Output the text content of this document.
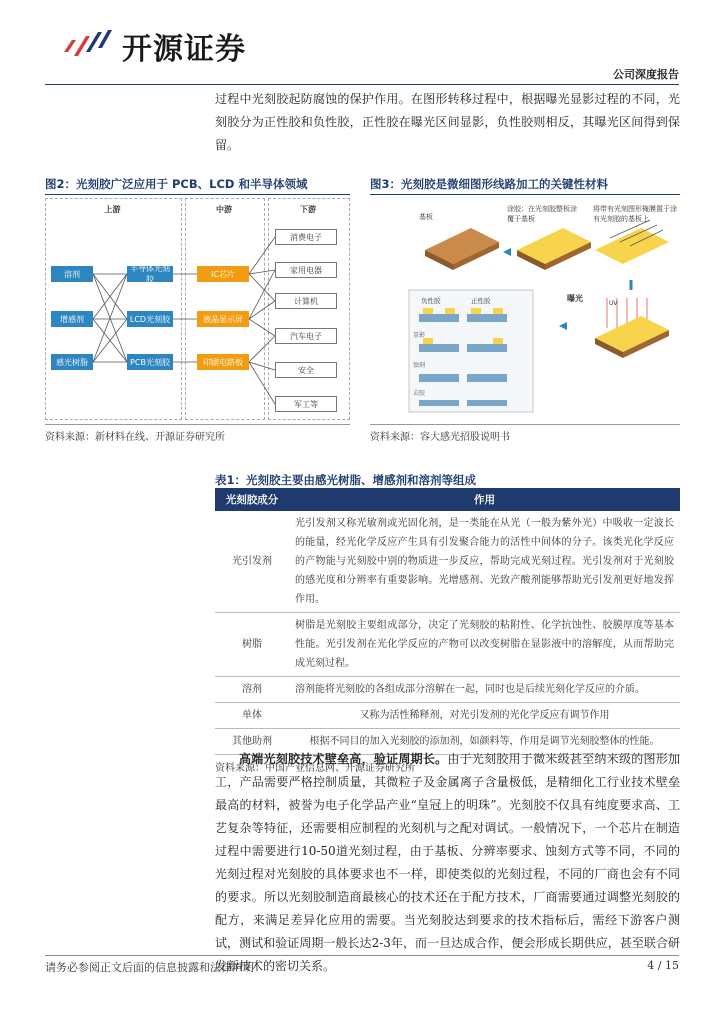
开源证券
公司深度报告
过程中光刻胶起防腐蚀的保护作用。在图形转移过程中，根据曝光显影过程的不同，光刻胶分为正性胶和负性胶，正性胶在曝光区间显影，负性胶则相反，其曝光区间得到保留。
图2：光刻胶广泛应用于 PCB、LCD 和半导体领域	图3：光刻胶是微细图形线路加工的关键性材料
上游	中游	下游
溶剂
增感剂
感光树脂
半导体光刻胶
LCD光刻胶
PCB光刻胶
IC芯片
液晶显示屏
印刷电路板
消费电子
家用电器
计算机
汽车电子
安全
军工等
资料来源：新材料在线、开源证券研究所
基板
涂胶：在光刻胶整板涂覆于基板
将带有光刻图形掩膜置于涂有光刻胶的基板上
曝光
UV
负性胶	正性胶
显影
蚀刻
去胶
资料来源：容大感光招股说明书
表1：光刻胶主要由感光树脂、增感剂和溶剂等组成
光刻胶成分	作用
光引发剂	光引发剂又称光敏剂或光固化剂，是一类能在从光（一般为紫外光）中吸收一定波长的能量，经光化学反应产生具有引发聚合能力的活性中间体的分子。该类光化学反应的产物能与光刻胶中别的物质进一步反应，帮助完成光刻过程。光引发剂对于光刻胶的感光度和分辨率有重要影响。光增感剂、光致产酸剂能够帮助光引发剂更好地发挥作用。
树脂	树脂是光刻胶主要组成部分，决定了光刻胶的粘附性、化学抗蚀性、胶膜厚度等基本性能。光引发剂在光化学反应的产物可以改变树脂在显影液中的溶解度，从而帮助完成光刻过程。
溶剂	溶剂能将光刻胶的各组成部分溶解在一起，同时也是后续光刻化学反应的介质。
单体	又称为活性稀释剂，对光引发剂的光化学反应有调节作用
其他助剂	根据不同目的加入光刻胶的添加剂，如颜料等，作用是调节光刻胶整体的性能。
资料来源：中国产业信息网、开源证券研究所
高端光刻胶技术壁垒高，验证周期长。由于光刻胶用于微米级甚至纳米级的图形加工，产品需要严格控制质量，其微粒子及金属离子含量极低，是精细化工行业技术壁垒最高的材料，被誉为电子化学品产业“皇冠上的明珠”。光刻胶不仅具有纯度要求高、工艺复杂等特征，还需要相应制程的光刻机与之配对调试。一般情况下，一个芯片在制造过程中需要进行10-50道光刻过程，由于基板、分辨率要求、蚀刻方式等不同，不同的光刻过程对光刻胶的具体要求也不一样，即使类似的光刻过程，不同的厂商也会有不同的要求。所以光刻胶制造商最核心的技术还在于配方技术，厂商需要通过调整光刻胶的配方，来满足差异化应用的需要。当光刻胶达到要求的技术指标后，需经下游客户测试，测试和验证周期一般长达2-3年，而一旦达成合作，便会形成长期供应，甚至联合研发新技术的密切关系。
请务必参阅正文后面的信息披露和法律声明	4 / 15
